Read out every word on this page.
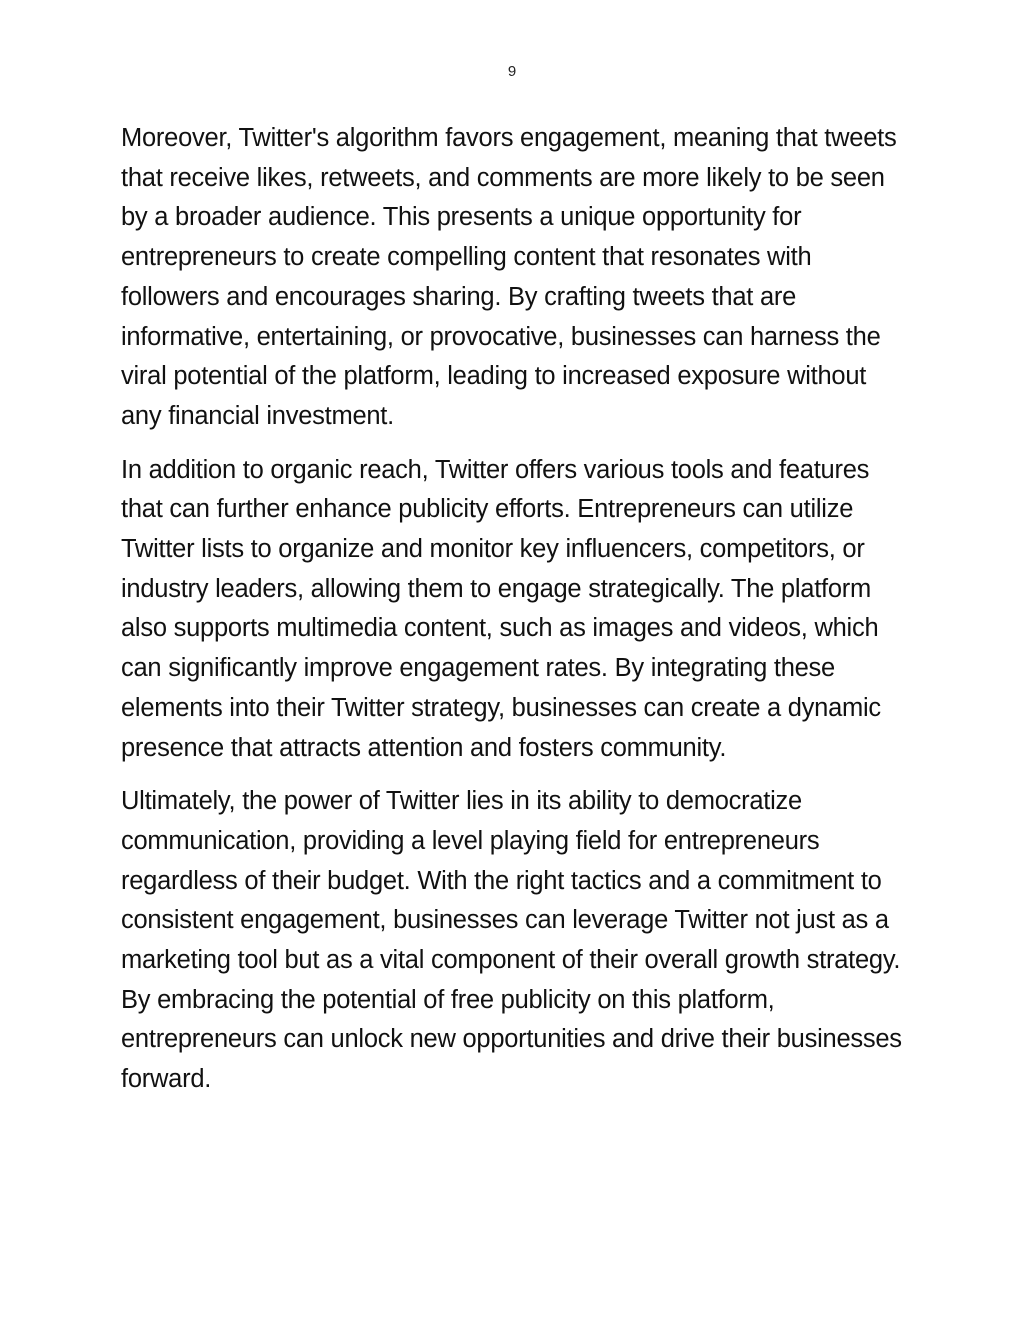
9

Moreover, Twitter's algorithm favors engagement, meaning that tweets that receive likes, retweets, and comments are more likely to be seen by a broader audience. This presents a unique opportunity for entrepreneurs to create compelling content that resonates with followers and encourages sharing. By crafting tweets that are informative, entertaining, or provocative, businesses can harness the viral potential of the platform, leading to increased exposure without any financial investment.

In addition to organic reach, Twitter offers various tools and features that can further enhance publicity efforts. Entrepreneurs can utilize Twitter lists to organize and monitor key influencers, competitors, or industry leaders, allowing them to engage strategically. The platform also supports multimedia content, such as images and videos, which can significantly improve engagement rates. By integrating these elements into their Twitter strategy, businesses can create a dynamic presence that attracts attention and fosters community.

Ultimately, the power of Twitter lies in its ability to democratize communication, providing a level playing field for entrepreneurs regardless of their budget. With the right tactics and a commitment to consistent engagement, businesses can leverage Twitter not just as a marketing tool but as a vital component of their overall growth strategy. By embracing the potential of free publicity on this platform, entrepreneurs can unlock new opportunities and drive their businesses forward.
